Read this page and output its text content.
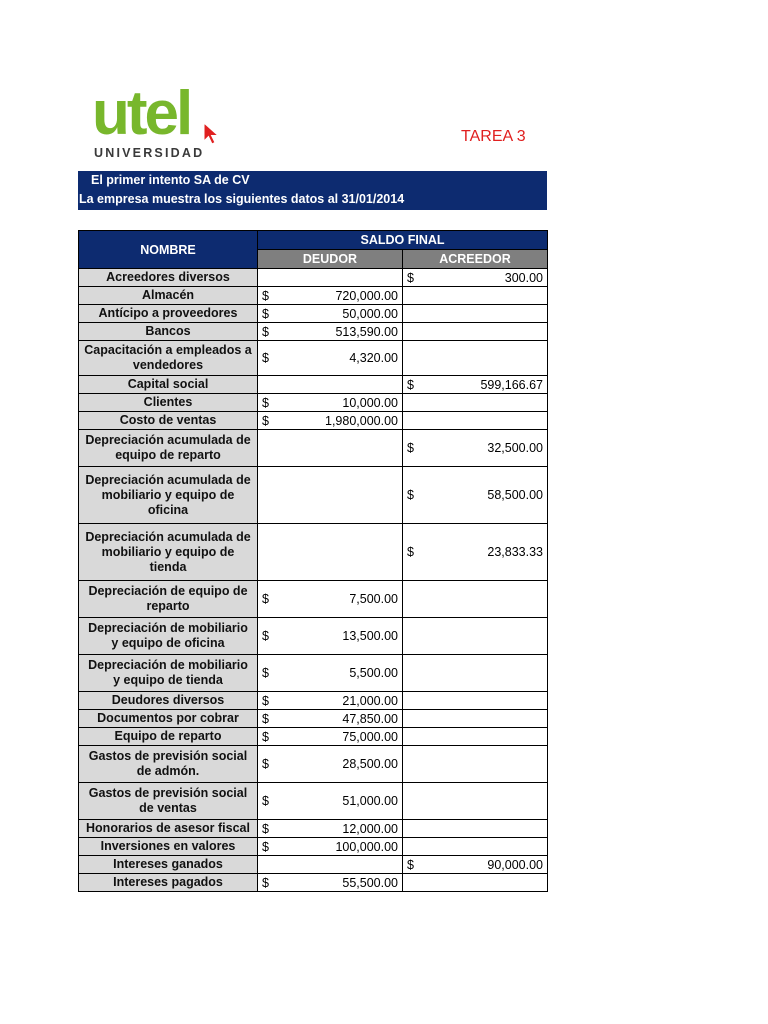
utel
UNIVERSIDAD
TAREA 3
El primer intento SA de CV
La empresa muestra los siguientes datos al 31/01/2014
NOMBRE	SALDO FINAL	
	DEUDOR	ACREEDOR
Acreedores diversos		$ 300.00

Almacén	$ 720,000.00	

Antícipo a proveedores	$ 50,000.00	

Bancos	$ 513,590.00	

Capacitación a empleados a vendedores	$ 4,320.00	

Capital social		$ 599,166.67

Clientes	$ 10,000.00	

Costo de ventas	$ 1,980,000.00	

Depreciación acumulada de equipo de reparto		$ 32,500.00

Depreciación acumulada de mobiliario y equipo de oficina		$ 58,500.00

Depreciación acumulada de mobiliario y equipo de tienda		$ 23,833.33

Depreciación de equipo de reparto	$ 7,500.00	

Depreciación de mobiliario y equipo de oficina	$ 13,500.00	

Depreciación de mobiliario y equipo de tienda	$ 5,500.00	

Deudores diversos	$ 21,000.00	

Documentos por cobrar	$ 47,850.00	

Equipo de reparto	$ 75,000.00	

Gastos de previsión social de admón.	$ 28,500.00	

Gastos de previsión social de ventas	$ 51,000.00	

Honorarios de asesor fiscal	$ 12,000.00	

Inversiones en valores	$ 100,000.00	

Intereses ganados		$ 90,000.00

Intereses pagados	$ 55,500.00	
